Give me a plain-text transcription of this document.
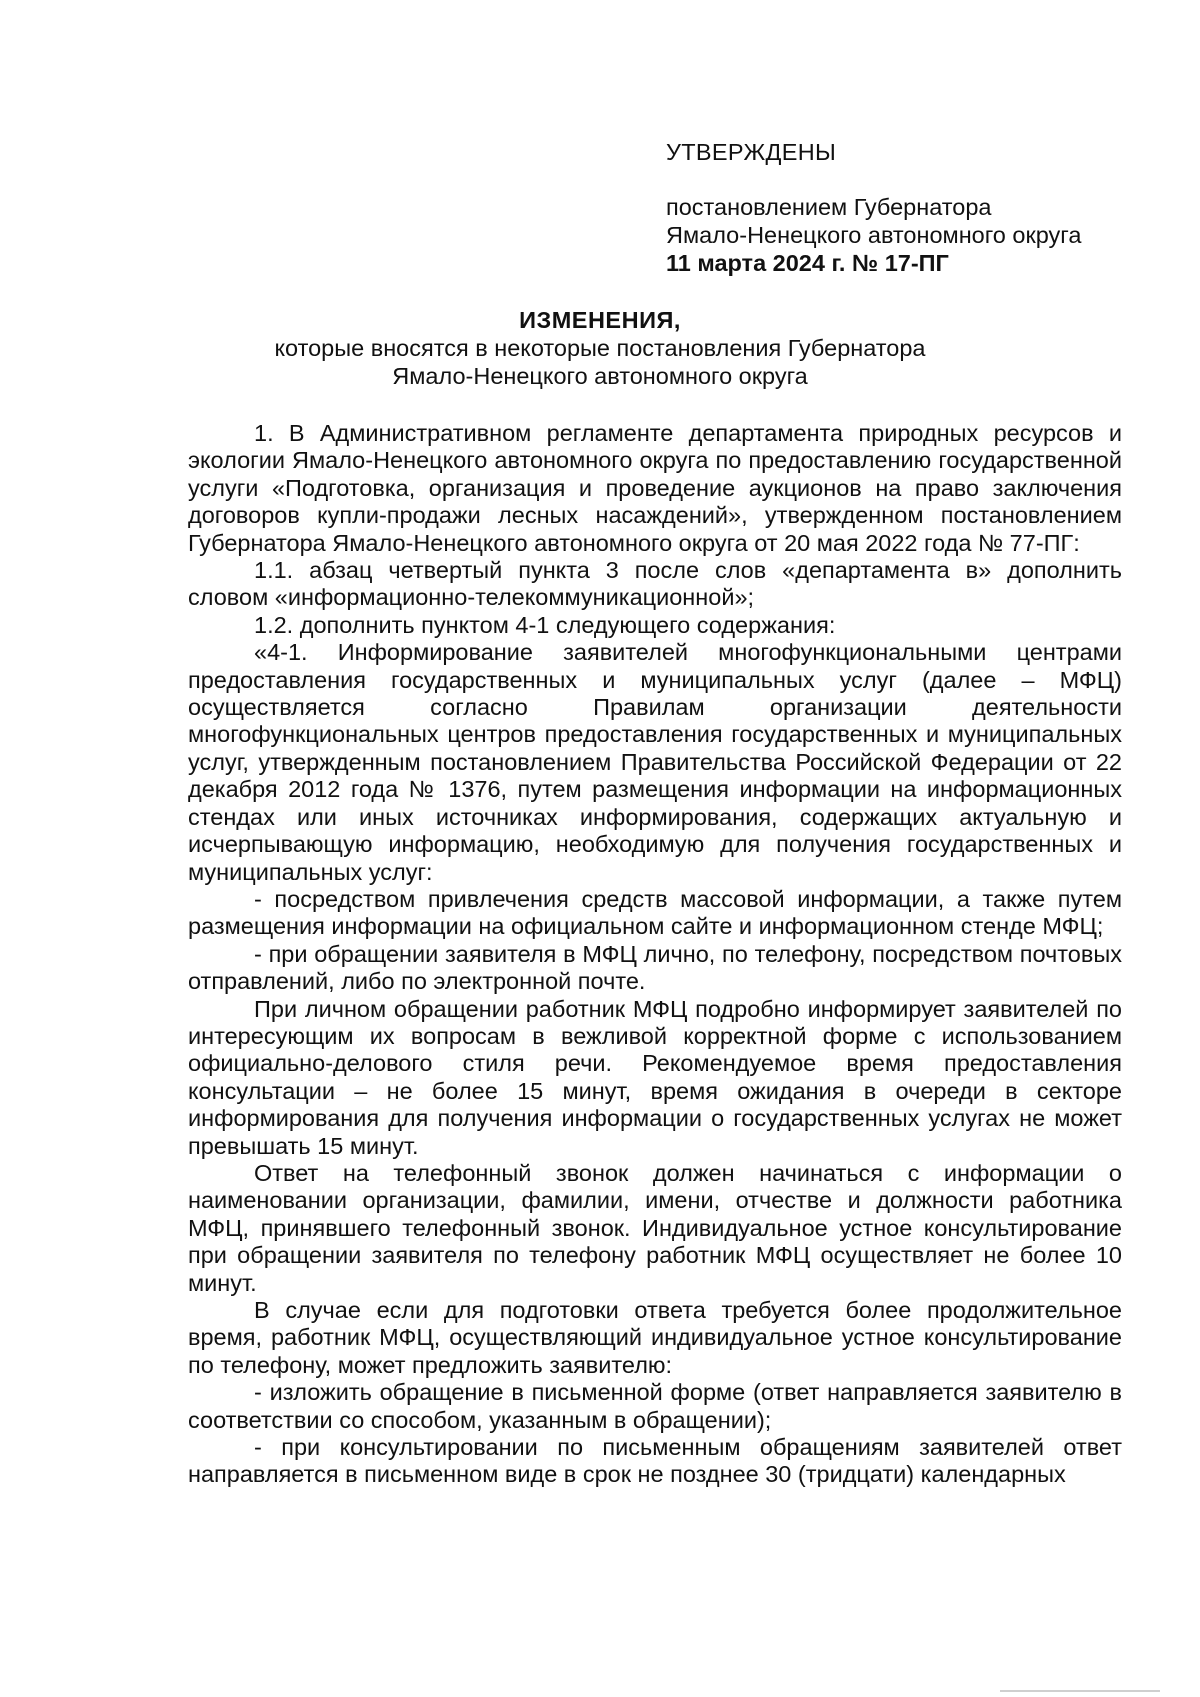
УТВЕРЖДЕНЫ

постановлением Губернатора

Ямало-Ненецкого автономного округа

11 марта 2024 г. № 17-ПГ

ИЗМЕНЕНИЯ,

которые вносятся в некоторые постановления Губернатора

Ямало-Ненецкого автономного округа

1. В Административном регламенте департамента природных ресурсов и экологии Ямало-Ненецкого автономного округа по предоставлению государственной услуги «Подготовка, организация и проведение аукционов на право заключения договоров купли-продажи лесных насаждений», утвержденном постановлением Губернатора Ямало-Ненецкого автономного округа от 20 мая 2022 года № 77-ПГ:

1.1. абзац четвертый пункта 3 после слов «департамента в» дополнить словом «информационно-телекоммуникационной»;

1.2. дополнить пунктом 4-1 следующего содержания:

«4-1. Информирование заявителей многофункциональными центрами предоставления государственных и муниципальных услуг (далее – МФЦ) осуществляется согласно Правилам организации деятельности многофункциональных центров предоставления государственных и муниципальных услуг, утвержденным постановлением Правительства Российской Федерации от 22 декабря 2012 года № 1376, путем размещения информации на информационных стендах или иных источниках информирования, содержащих актуальную и исчерпывающую информацию, необходимую для получения государственных и муниципальных услуг:

- посредством привлечения средств массовой информации, а также путем размещения информации на официальном сайте и информационном стенде МФЦ;

- при обращении заявителя в МФЦ лично, по телефону, посредством почтовых отправлений, либо по электронной почте.

При личном обращении работник МФЦ подробно информирует заявителей по интересующим их вопросам в вежливой корректной форме с использованием официально-делового стиля речи. Рекомендуемое время предоставления консультации – не более 15 минут, время ожидания в очереди в секторе информирования для получения информации о государственных услугах не может превышать 15 минут.

Ответ на телефонный звонок должен начинаться с информации о наименовании организации, фамилии, имени, отчестве и должности работника МФЦ, принявшего телефонный звонок. Индивидуальное устное консультирование при обращении заявителя по телефону работник МФЦ осуществляет не более 10 минут.

В случае если для подготовки ответа требуется более продолжительное время, работник МФЦ, осуществляющий индивидуальное устное консультирование по телефону, может предложить заявителю:

- изложить обращение в письменной форме (ответ направляется заявителю в соответствии со способом, указанным в обращении);

- при консультировании по письменным обращениям заявителей ответ направляется в письменном виде в срок не позднее 30 (тридцати) календарных
